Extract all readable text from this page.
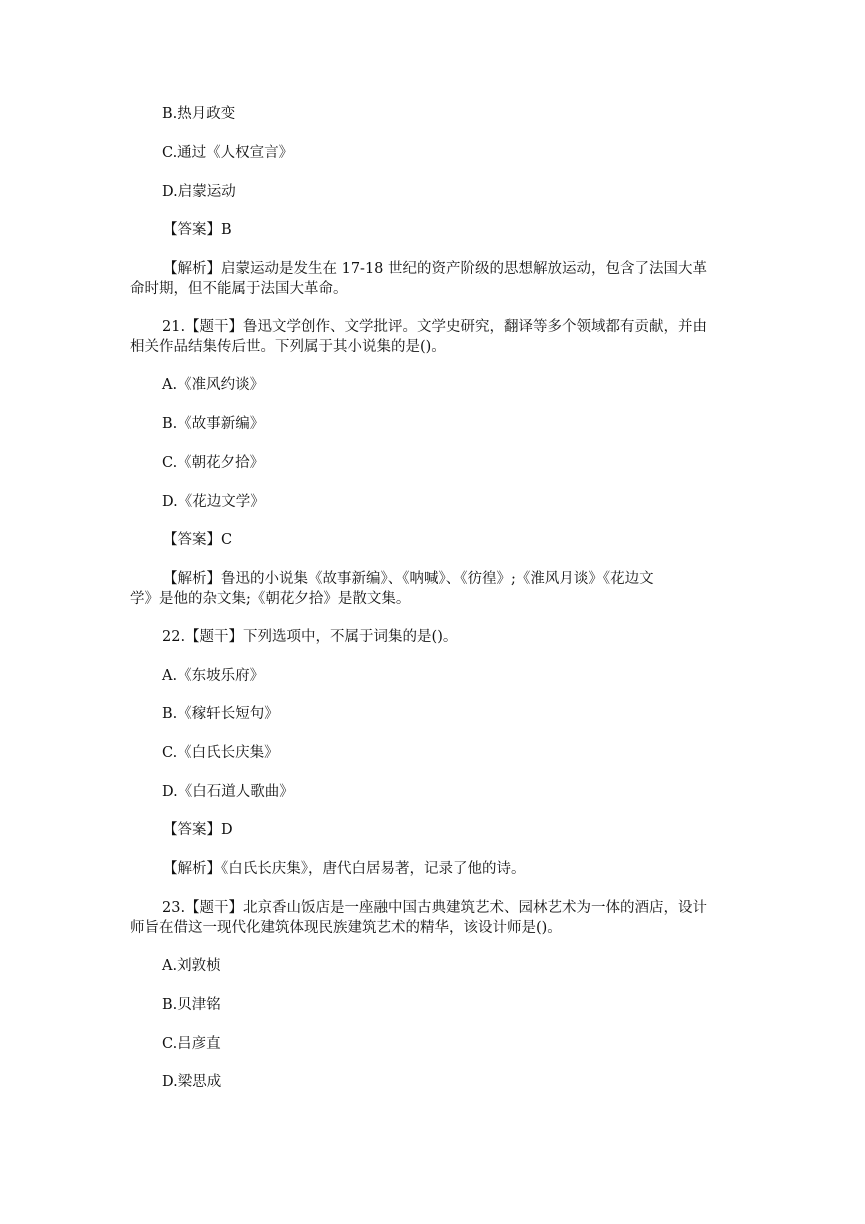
B.热月政变
C.通过《人权宣言》
D.启蒙运动
【答案】B
【解析】启蒙运动是发生在 17-18 世纪的资产阶级的思想解放运动，包含了法国大革
命时期，但不能属于法国大革命。
21.【题干】鲁迅文学创作、文学批评。文学史研究，翻译等多个领域都有贡献，并由
相关作品结集传后世。下列属于其小说集的是()。
A.《准风约谈》
B.《故事新编》
C.《朝花夕拾》
D.《花边文学》
【答案】C
【解析】鲁迅的小说集《故事新编》、《呐喊》、《彷徨》;《淮风月谈》《花边文
学》是他的杂文集;《朝花夕拾》是散文集。
22.【题干】下列选项中，不属于词集的是()。
A.《东坡乐府》
B.《稼轩长短句》
C.《白氏长庆集》
D.《白石道人歌曲》
【答案】D
【解析】《白氏长庆集》，唐代白居易著，记录了他的诗。
23.【题干】北京香山饭店是一座融中国古典建筑艺术、园林艺术为一体的酒店，设计
师旨在借这一现代化建筑体现民族建筑艺术的精华，该设计师是()。
A.刘敦桢
B.贝津铭
C.吕彦直
D.梁思成
